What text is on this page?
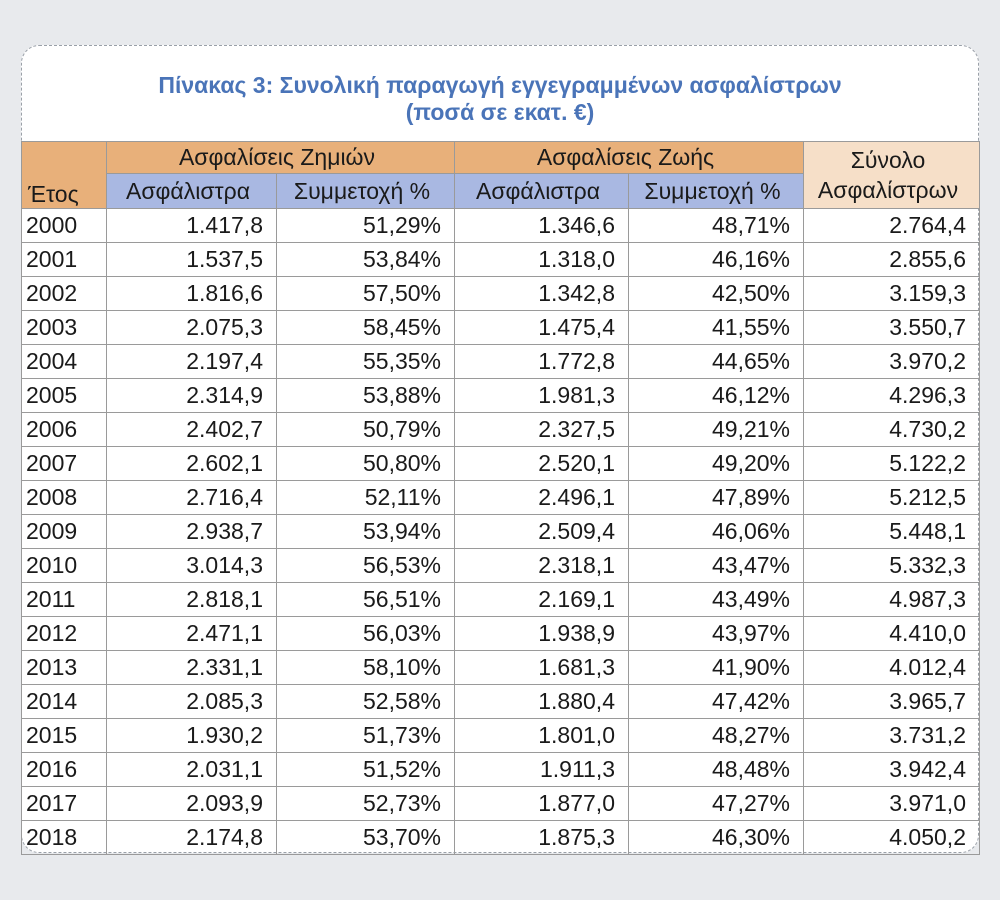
Πίνακας 3: Συνολική παραγωγή εγγεγραμμένων ασφαλίστρων
(ποσά σε εκατ. €)
Έτος	Ασφαλίσεις Ζημιών		Ασφαλίσεις Ζωής		Σύνολο
Ασφαλίστρων

	Ασφάλιστρα	Συμμετοχή %	Ασφάλιστρα	Συμμετοχή %	
2000	1.417,8	51,29%	1.346,6	48,71%	2.764,4
2001	1.537,5	53,84%	1.318,0	46,16%	2.855,6
2002	1.816,6	57,50%	1.342,8	42,50%	3.159,3
2003	2.075,3	58,45%	1.475,4	41,55%	3.550,7
2004	2.197,4	55,35%	1.772,8	44,65%	3.970,2
2005	2.314,9	53,88%	1.981,3	46,12%	4.296,3
2006	2.402,7	50,79%	2.327,5	49,21%	4.730,2
2007	2.602,1	50,80%	2.520,1	49,20%	5.122,2
2008	2.716,4	52,11%	2.496,1	47,89%	5.212,5
2009	2.938,7	53,94%	2.509,4	46,06%	5.448,1
2010	3.014,3	56,53%	2.318,1	43,47%	5.332,3
2011	2.818,1	56,51%	2.169,1	43,49%	4.987,3
2012	2.471,1	56,03%	1.938,9	43,97%	4.410,0
2013	2.331,1	58,10%	1.681,3	41,90%	4.012,4
2014	2.085,3	52,58%	1.880,4	47,42%	3.965,7
2015	1.930,2	51,73%	1.801,0	48,27%	3.731,2
2016	2.031,1	51,52%	1.911,3	48,48%	3.942,4
2017	2.093,9	52,73%	1.877,0	47,27%	3.971,0
2018	2.174,8	53,70%	1.875,3	46,30%	4.050,2
